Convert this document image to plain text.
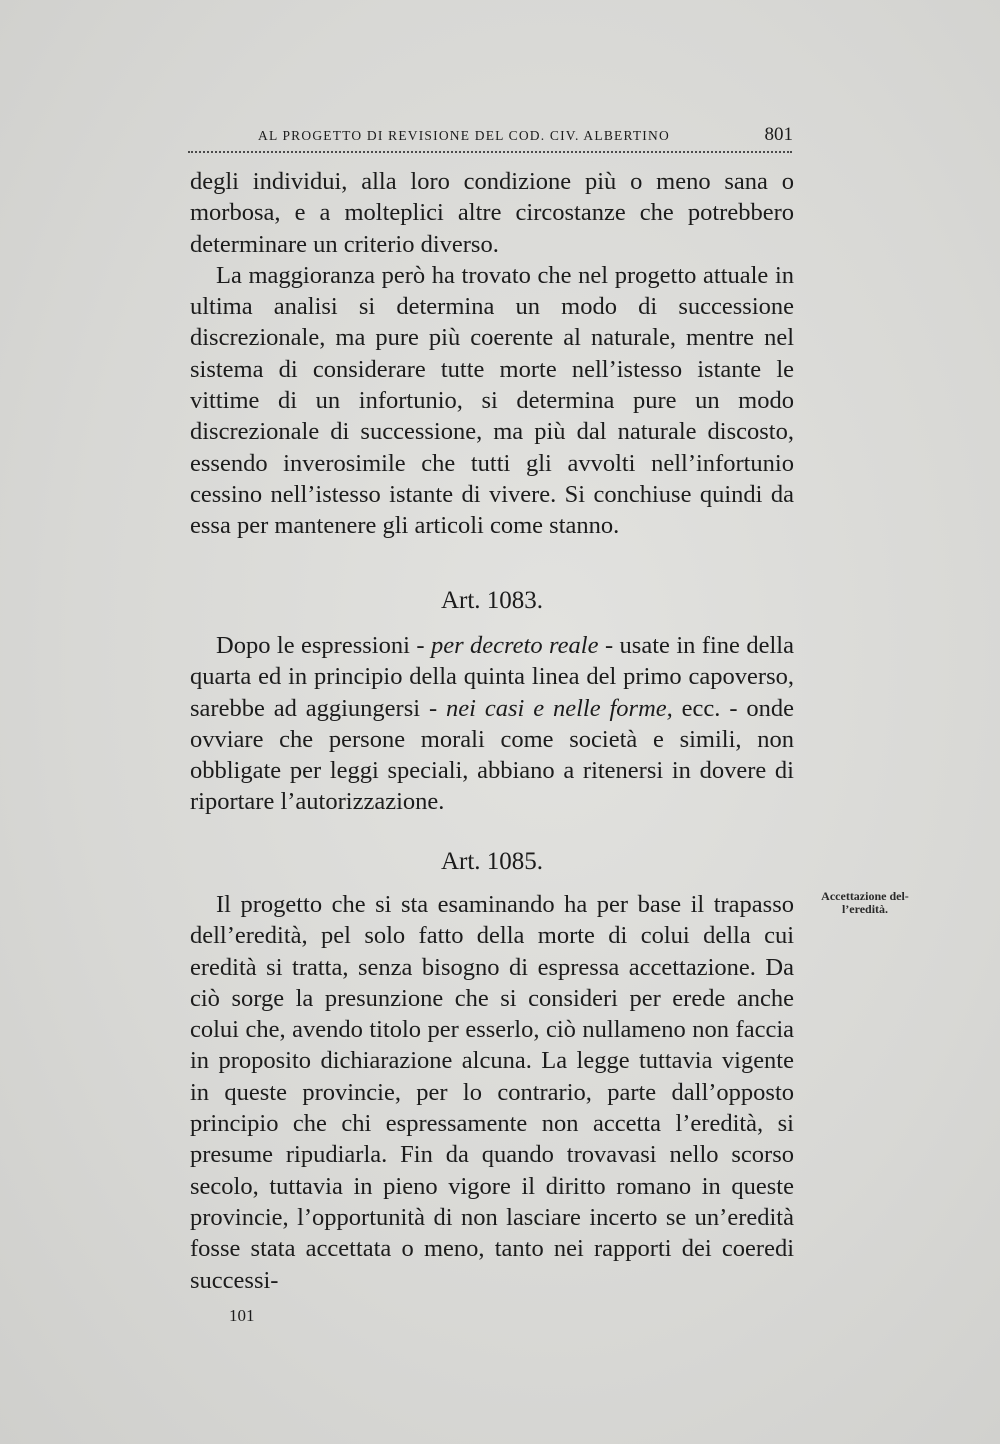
AL PROGETTO DI REVISIONE DEL COD. CIV. ALBERTINO	801

degli individui, alla loro condizione più o meno sana o morbosa, e a molteplici altre circostanze che potrebbero determinare un criterio diverso.

La maggioranza però ha trovato che nel progetto attuale in ultima analisi si determina un modo di successione discrezionale, ma pure più coerente al naturale, mentre nel sistema di considerare tutte morte nell’istesso istante le vittime di un infortunio, si determina pure un modo discrezionale di successione, ma più dal naturale discosto, essendo inverosimile che tutti gli avvolti nell’infortunio cessino nell’istesso istante di vivere. Si conchiuse quindi da essa per mantenere gli articoli come stanno.

Art. 1083.

Dopo le espressioni - per decreto reale - usate in fine della quarta ed in principio della quinta linea del primo capoverso, sarebbe ad aggiungersi - nei casi e nelle forme, ecc. - onde ovviare che persone morali come società e simili, non obbligate per leggi speciali, abbiano a ritenersi in dovere di riportare l’autorizzazione.

Art. 1085.

Il progetto che si sta esaminando ha per base il trapasso dell’eredità, pel solo fatto della morte di colui della cui eredità si tratta, senza bisogno di espressa accettazione. Da ciò sorge la presunzione che si consideri per erede anche colui che, avendo titolo per esserlo, ciò nullameno non faccia in proposito dichiarazione alcuna. La legge tuttavia vigente in queste provincie, per lo contrario, parte dall’opposto principio che chi espressamente non accetta l’eredità, si presume ripudiarla. Fin da quando trovavasi nello scorso secolo, tuttavia in pieno vigore il diritto romano in queste provincie, l’opportunità di non lasciare incerto se un’eredità fosse stata accettata o meno, tanto nei rapporti dei coeredi successi-

Accettazione del-
l’eredità.
101
